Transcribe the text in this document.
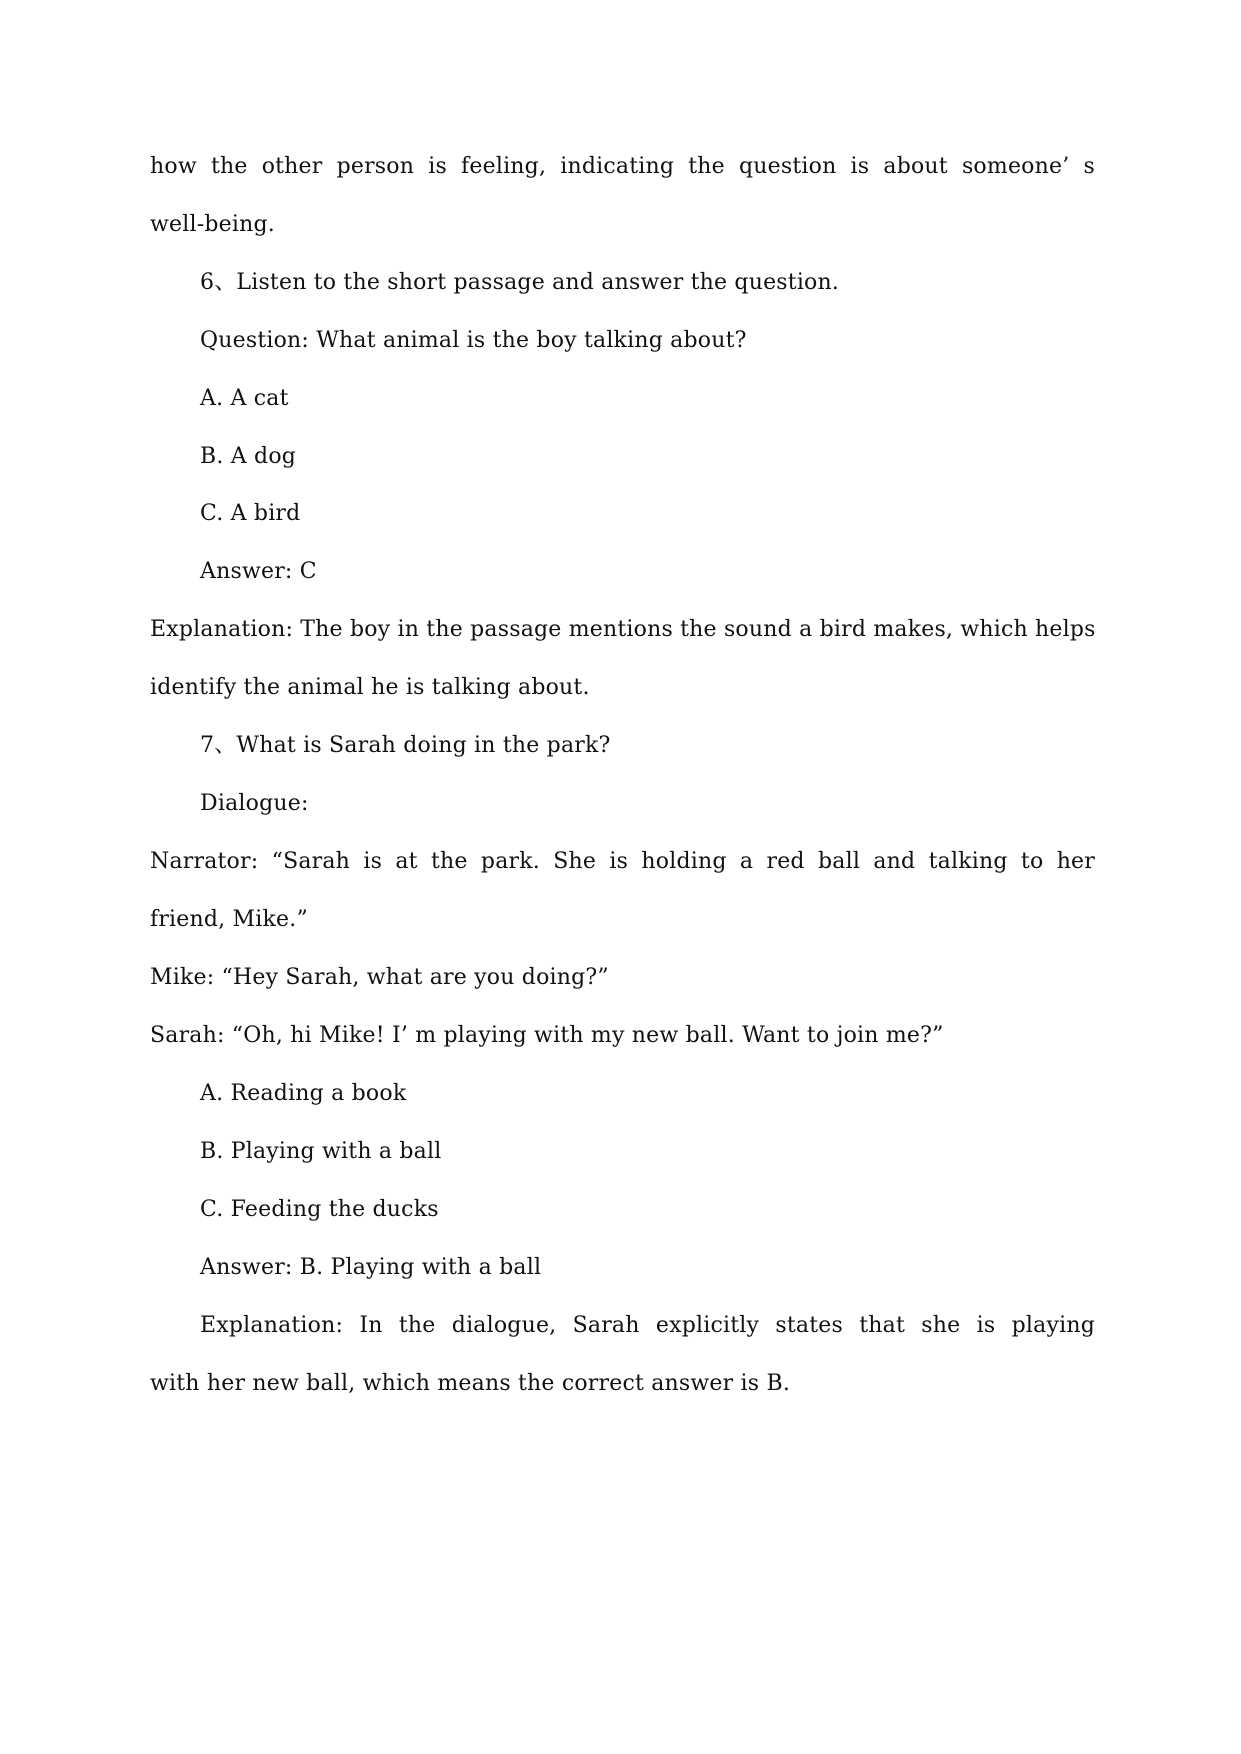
how the other person is feeling, indicating the question is about someone’ s
well-being.
6、Listen to the short passage and answer the question.
Question: What animal is the boy talking about?
A. A cat
B. A dog
C. A bird
Answer: C
Explanation: The boy in the passage mentions the sound a bird makes, which helps
identify the animal he is talking about.
7、What is Sarah doing in the park?
Dialogue:
Narrator: “Sarah is at the park. She is holding a red ball and talking to her
friend, Mike.”
Mike: “Hey Sarah, what are you doing?”
Sarah: “Oh, hi Mike! I’ m playing with my new ball. Want to join me?”
A. Reading a book
B. Playing with a ball
C. Feeding the ducks
Answer: B. Playing with a ball
Explanation: In the dialogue, Sarah explicitly states that she is playing
with her new ball, which means the correct answer is B.
